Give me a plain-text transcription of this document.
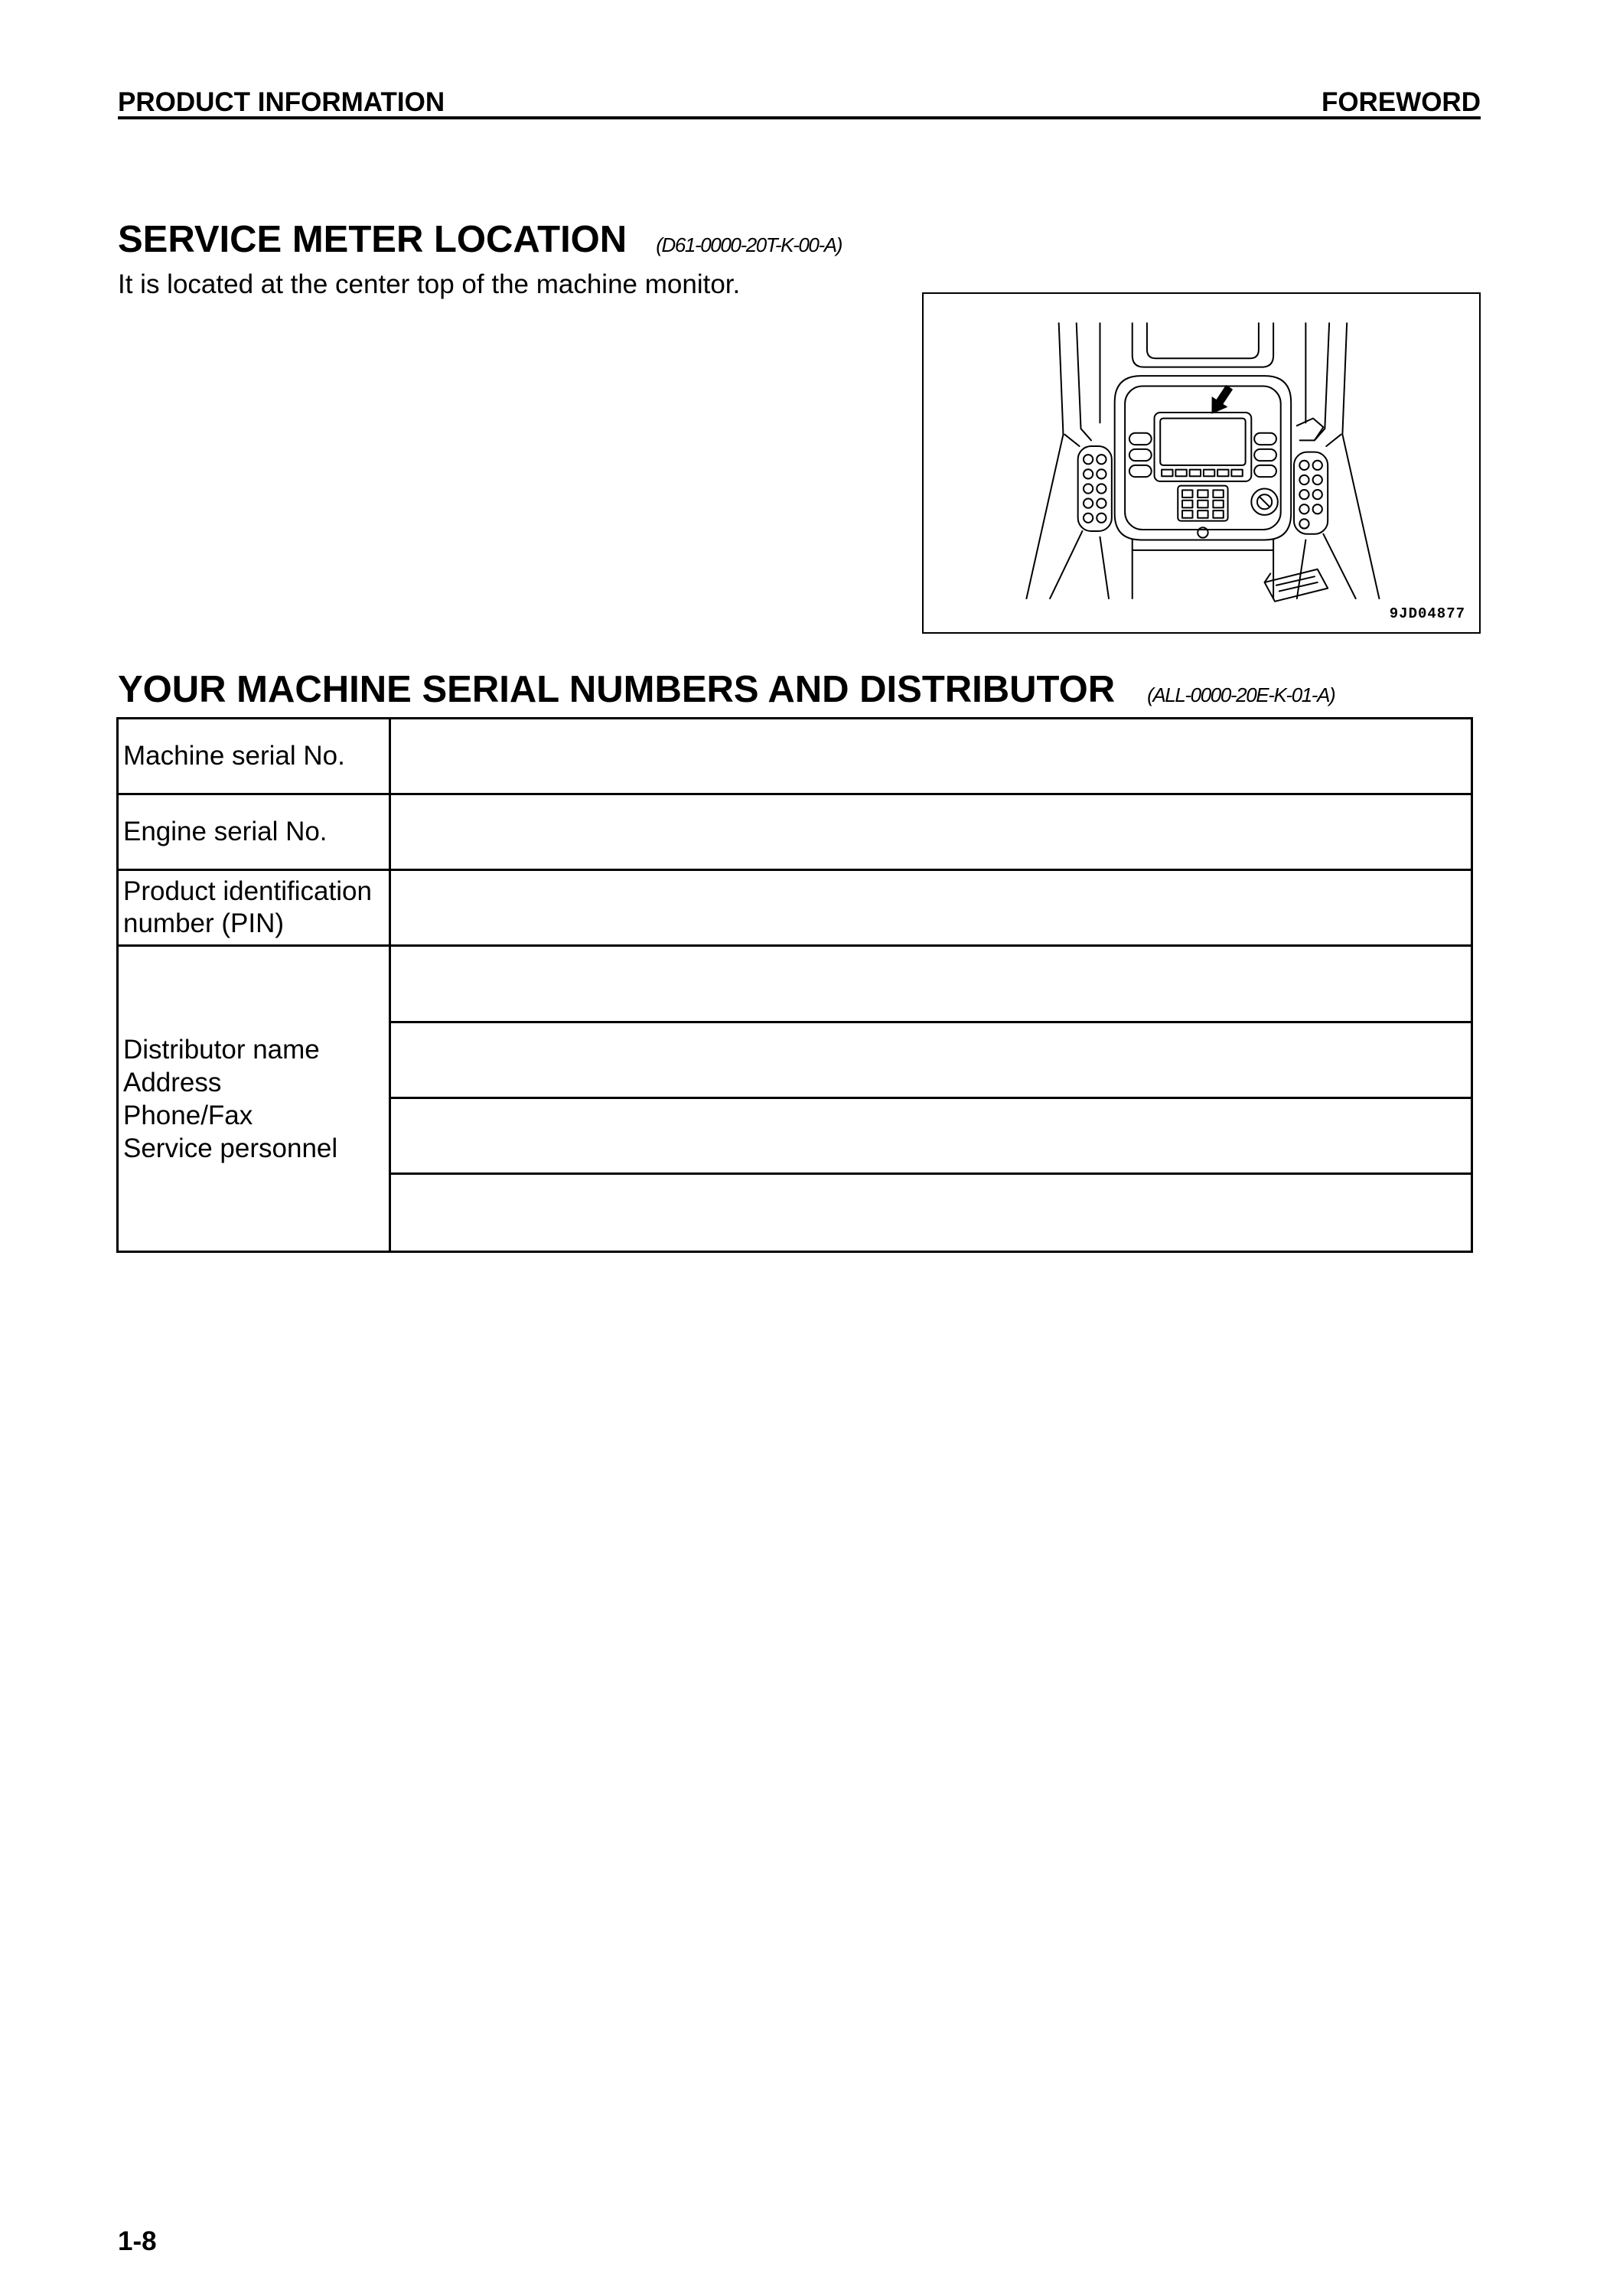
PRODUCT INFORMATION	FOREWORD
SERVICE METER LOCATION (D61-0000-20T-K-00-A)
It is located at the center top of the machine monitor.
9JD04877
YOUR MACHINE SERIAL NUMBERS AND DISTRIBUTOR (ALL-0000-20E-K-01-A)
Machine serial No.
Engine serial No.
Product identification number (PIN)
Distributor name
Address
Phone/Fax
Service personnel
1-8
